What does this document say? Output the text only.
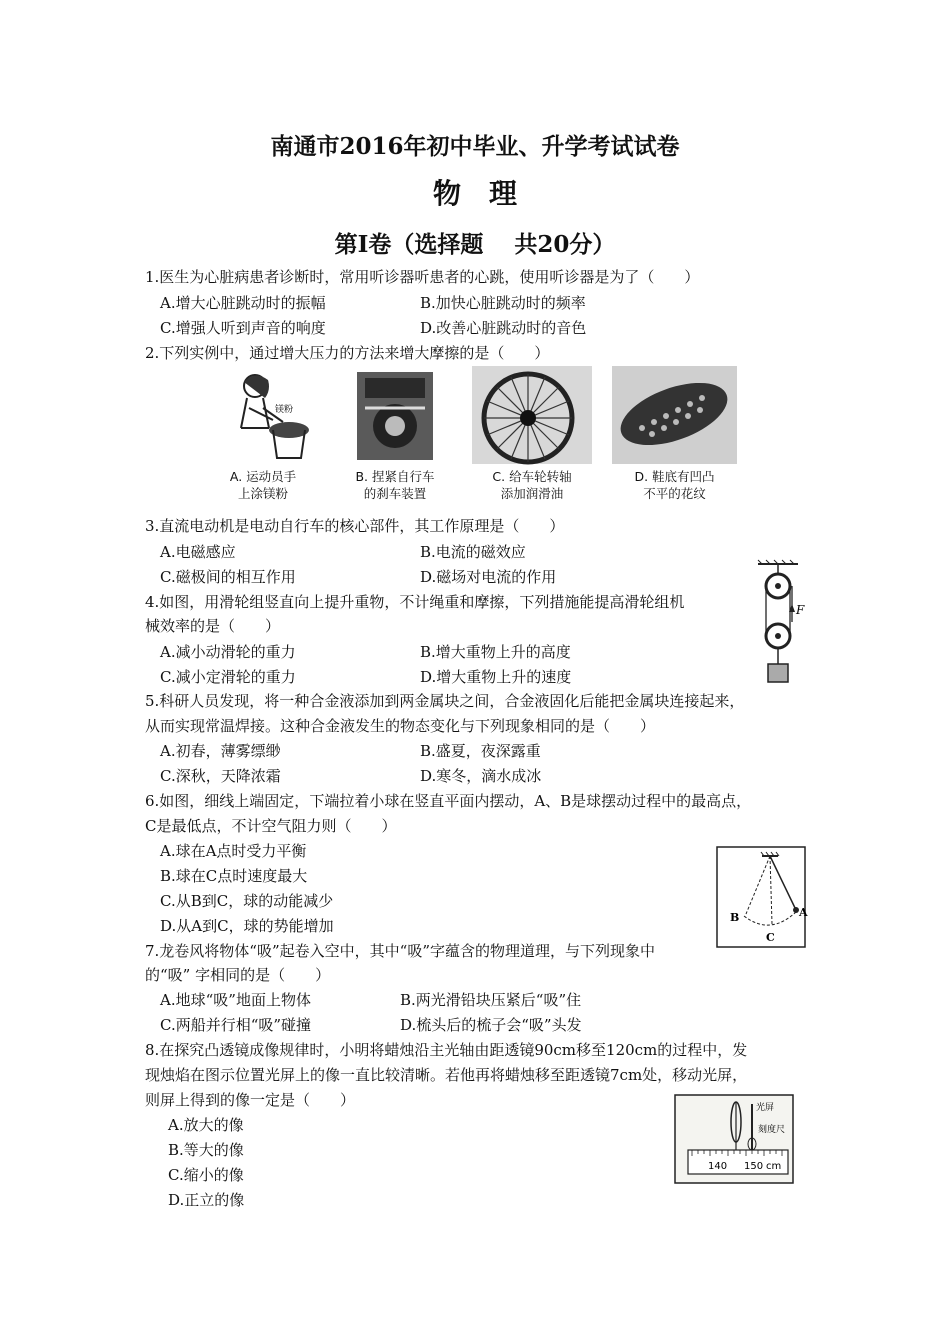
南通市2016年初中毕业、升学考试试卷
物　理
第Ⅰ卷（选择题　 共20分）
1.医生为心脏病患者诊断时，常用听诊器听患者的心跳，使用听诊器是为了（　　）
A.增大心脏跳动时的振幅	B.加快心脏跳动时的频率
C.增强人听到声音的响度	D.改善心脏跳动时的音色
2.下列实例中，通过增大压力的方法来增大摩擦的是（　　）
镁粉
A. 运动员手
上涂镁粉
B. 捏紧自行车
的刹车装置
C. 给车轮转轴
添加润滑油
D. 鞋底有凹凸
不平的花纹
3.直流电动机是电动自行车的核心部件，其工作原理是（　　）
A.电磁感应	B.电流的磁效应
C.磁极间的相互作用	D.磁场对电流的作用
4.如图，用滑轮组竖直向上提升重物，不计绳重和摩擦，下列措施能提高滑轮组机
械效率的是（　　）
A.减小动滑轮的重力	B.增大重物上升的高度
C.减小定滑轮的重力	D.增大重物上升的速度
F
5.科研人员发现，将一种合金液添加到两金属块之间，合金液固化后能把金属块连接起来，
从而实现常温焊接。这种合金液发生的物态变化与下列现象相同的是（　　）
A.初春，薄雾缥缈	B.盛夏，夜深露重
C.深秋，天降浓霜	D.寒冬，滴水成冰
6.如图，细线上端固定，下端拉着小球在竖直平面内摆动，A、B是球摆动过程中的最高点，
C是最低点，不计空气阻力则（　　）
A.球在A点时受力平衡
B.球在C点时速度最大
C.从B到C，球的动能减少
D.从A到C，球的势能增加
A
B
C
7.龙卷风将物体“吸”起卷入空中，其中“吸”字蕴含的物理道理，与下列现象中
的“吸” 字相同的是（　　）
A.地球“吸”地面上物体	B.两光滑铅块压紧后“吸”住
C.两船并行相“吸”碰撞	D.梳头后的梳子会“吸”头发
8.在探究凸透镜成像规律时，小明将蜡烛沿主光轴由距透镜90cm移至120cm的过程中，发
现烛焰在图示位置光屏上的像一直比较清晰。若他再将蜡烛移至距透镜7cm处，移动光屏，
则屏上得到的像一定是（　　）
A.放大的像
B.等大的像
C.缩小的像
D.正立的像
光屏
刻度尺
140 150 cm
